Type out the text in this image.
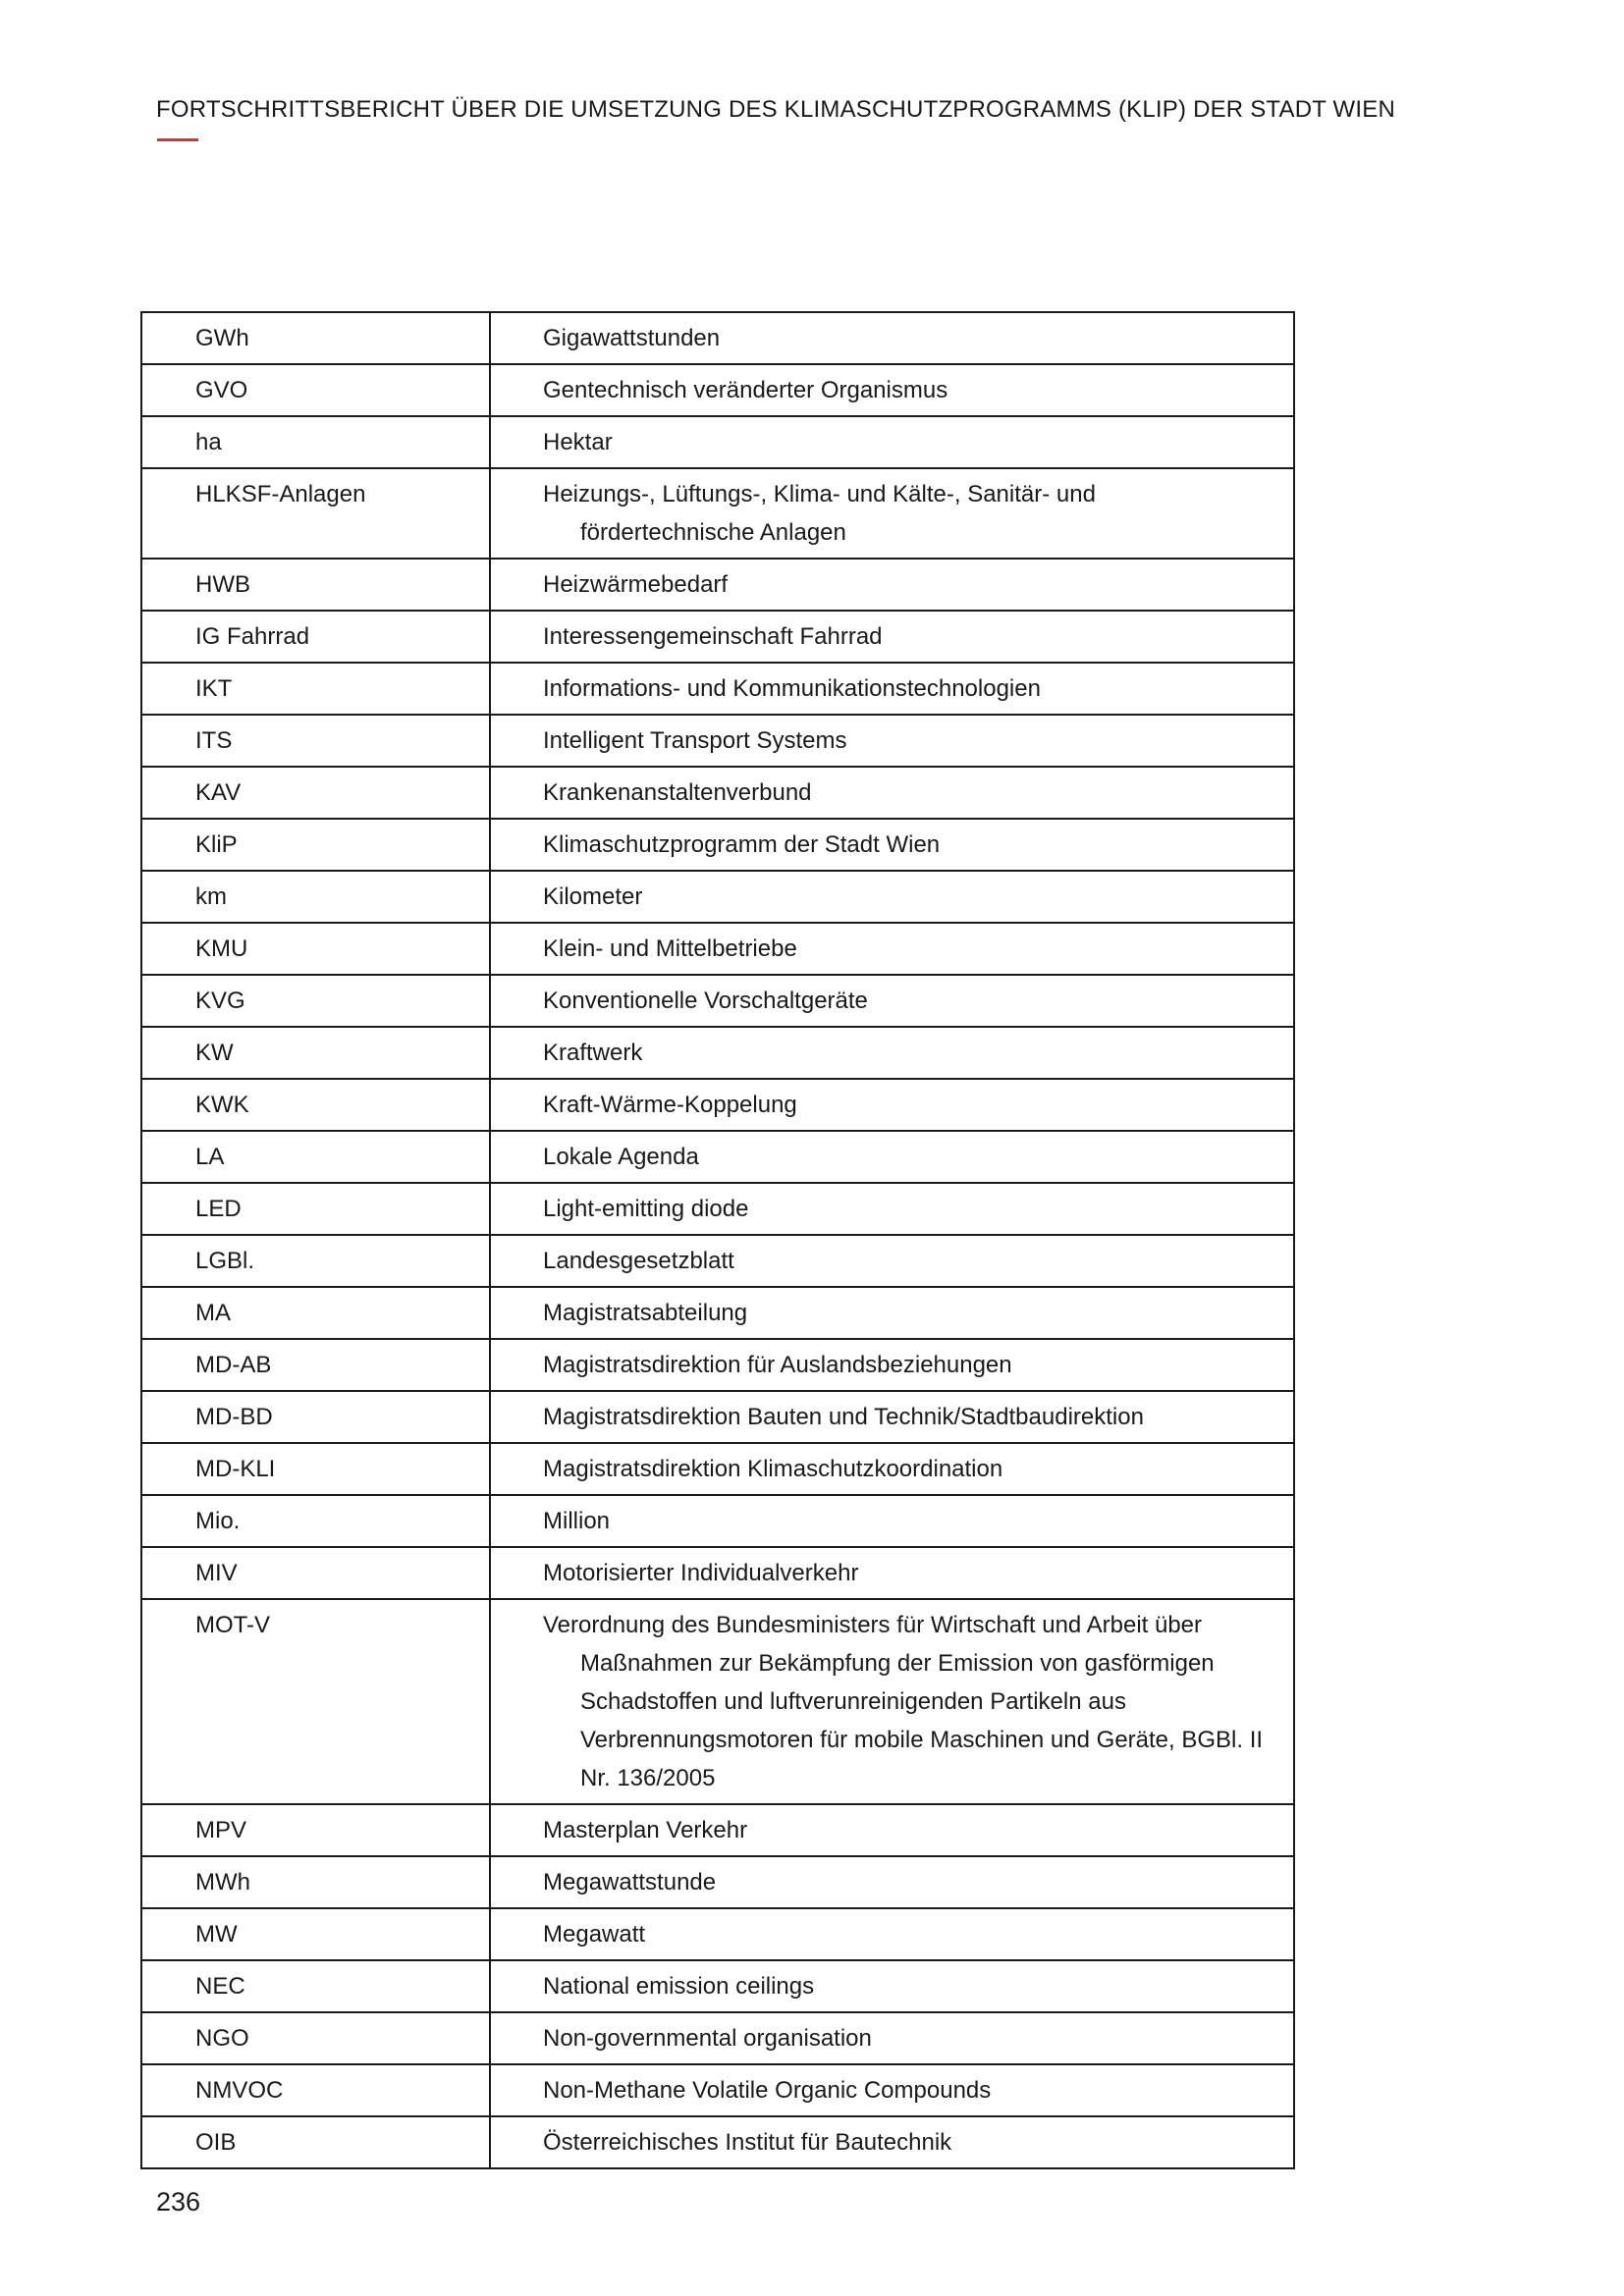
FORTSCHRITTSBERICHT ÜBER DIE UMSETZUNG DES KLIMASCHUTZPROGRAMMS (KLIP) DER STADT WIEN
GWh	Gigawattstunden

GVO	Gentechnisch veränderter Organismus

ha	Hektar

HLKSF-Anlagen	Heizungs-, Lüftungs-, Klima- und Kälte-, Sanitär- und fördertechnische Anlagen

HWB	Heizwärmebedarf

IG Fahrrad	Interessengemeinschaft Fahrrad

IKT	Informations- und Kommunikationstechnologien

ITS	Intelligent Transport Systems

KAV	Krankenanstaltenverbund

KliP	Klimaschutzprogramm der Stadt Wien

km	Kilometer

KMU	Klein- und Mittelbetriebe

KVG	Konventionelle Vorschaltgeräte

KW	Kraftwerk

KWK	Kraft-Wärme-Koppelung

LA	Lokale Agenda

LED	Light-emitting diode

LGBl.	Landesgesetzblatt

MA	Magistratsabteilung

MD-AB	Magistratsdirektion für Auslandsbeziehungen

MD-BD	Magistratsdirektion Bauten und Technik/Stadtbaudirektion

MD-KLI	Magistratsdirektion Klimaschutzkoordination

Mio.	Million

MIV	Motorisierter Individualverkehr

MOT-V	Verordnung des Bundesministers für Wirtschaft und Arbeit über Maßnahmen zur Bekämpfung der Emission von gasförmigen Schadstoffen und luftverunreinigenden Partikeln aus Verbrennungsmotoren für mobile Maschinen und Geräte, BGBl. II Nr. 136/2005

MPV	Masterplan Verkehr

MWh	Megawattstunde

MW	Megawatt

NEC	National emission ceilings

NGO	Non-governmental organisation

NMVOC	Non-Methane Volatile Organic Compounds

OIB	Österreichisches Institut für Bautechnik
236
